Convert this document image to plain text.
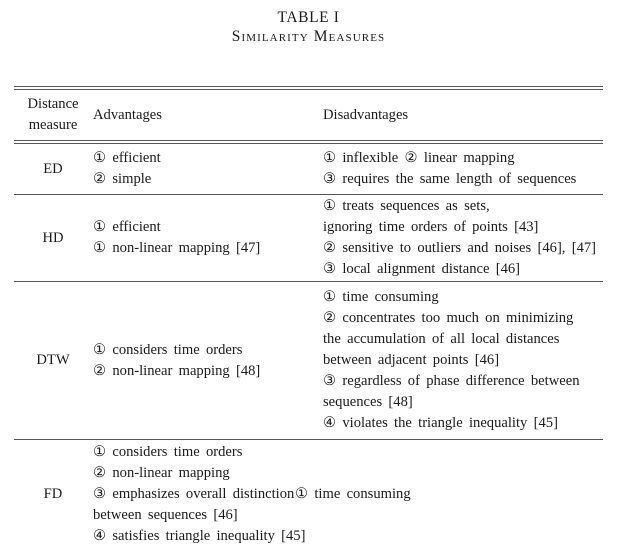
TABLE I
Similarity Measures
Distance
measure
Advantages	Disadvantages
ED
① efficient
② simple
① inflexible ② linear mapping
③ requires the same length of sequences
HD
① efficient
① non-linear mapping [47]
① treats sequences as sets,
ignoring time orders of points [43]
② sensitive to outliers and noises [46], [47]
③ local alignment distance [46]
DTW
① considers time orders
② non-linear mapping [48]
① time consuming
② concentrates too much on minimizing
the accumulation of all local distances
between adjacent points [46]
③ regardless of phase difference between
sequences [48]
④ violates the triangle inequality [45]
FD
① considers time orders
② non-linear mapping
③ emphasizes overall distinction
between sequences [46]
④ satisfies triangle inequality [45]
① time consuming
